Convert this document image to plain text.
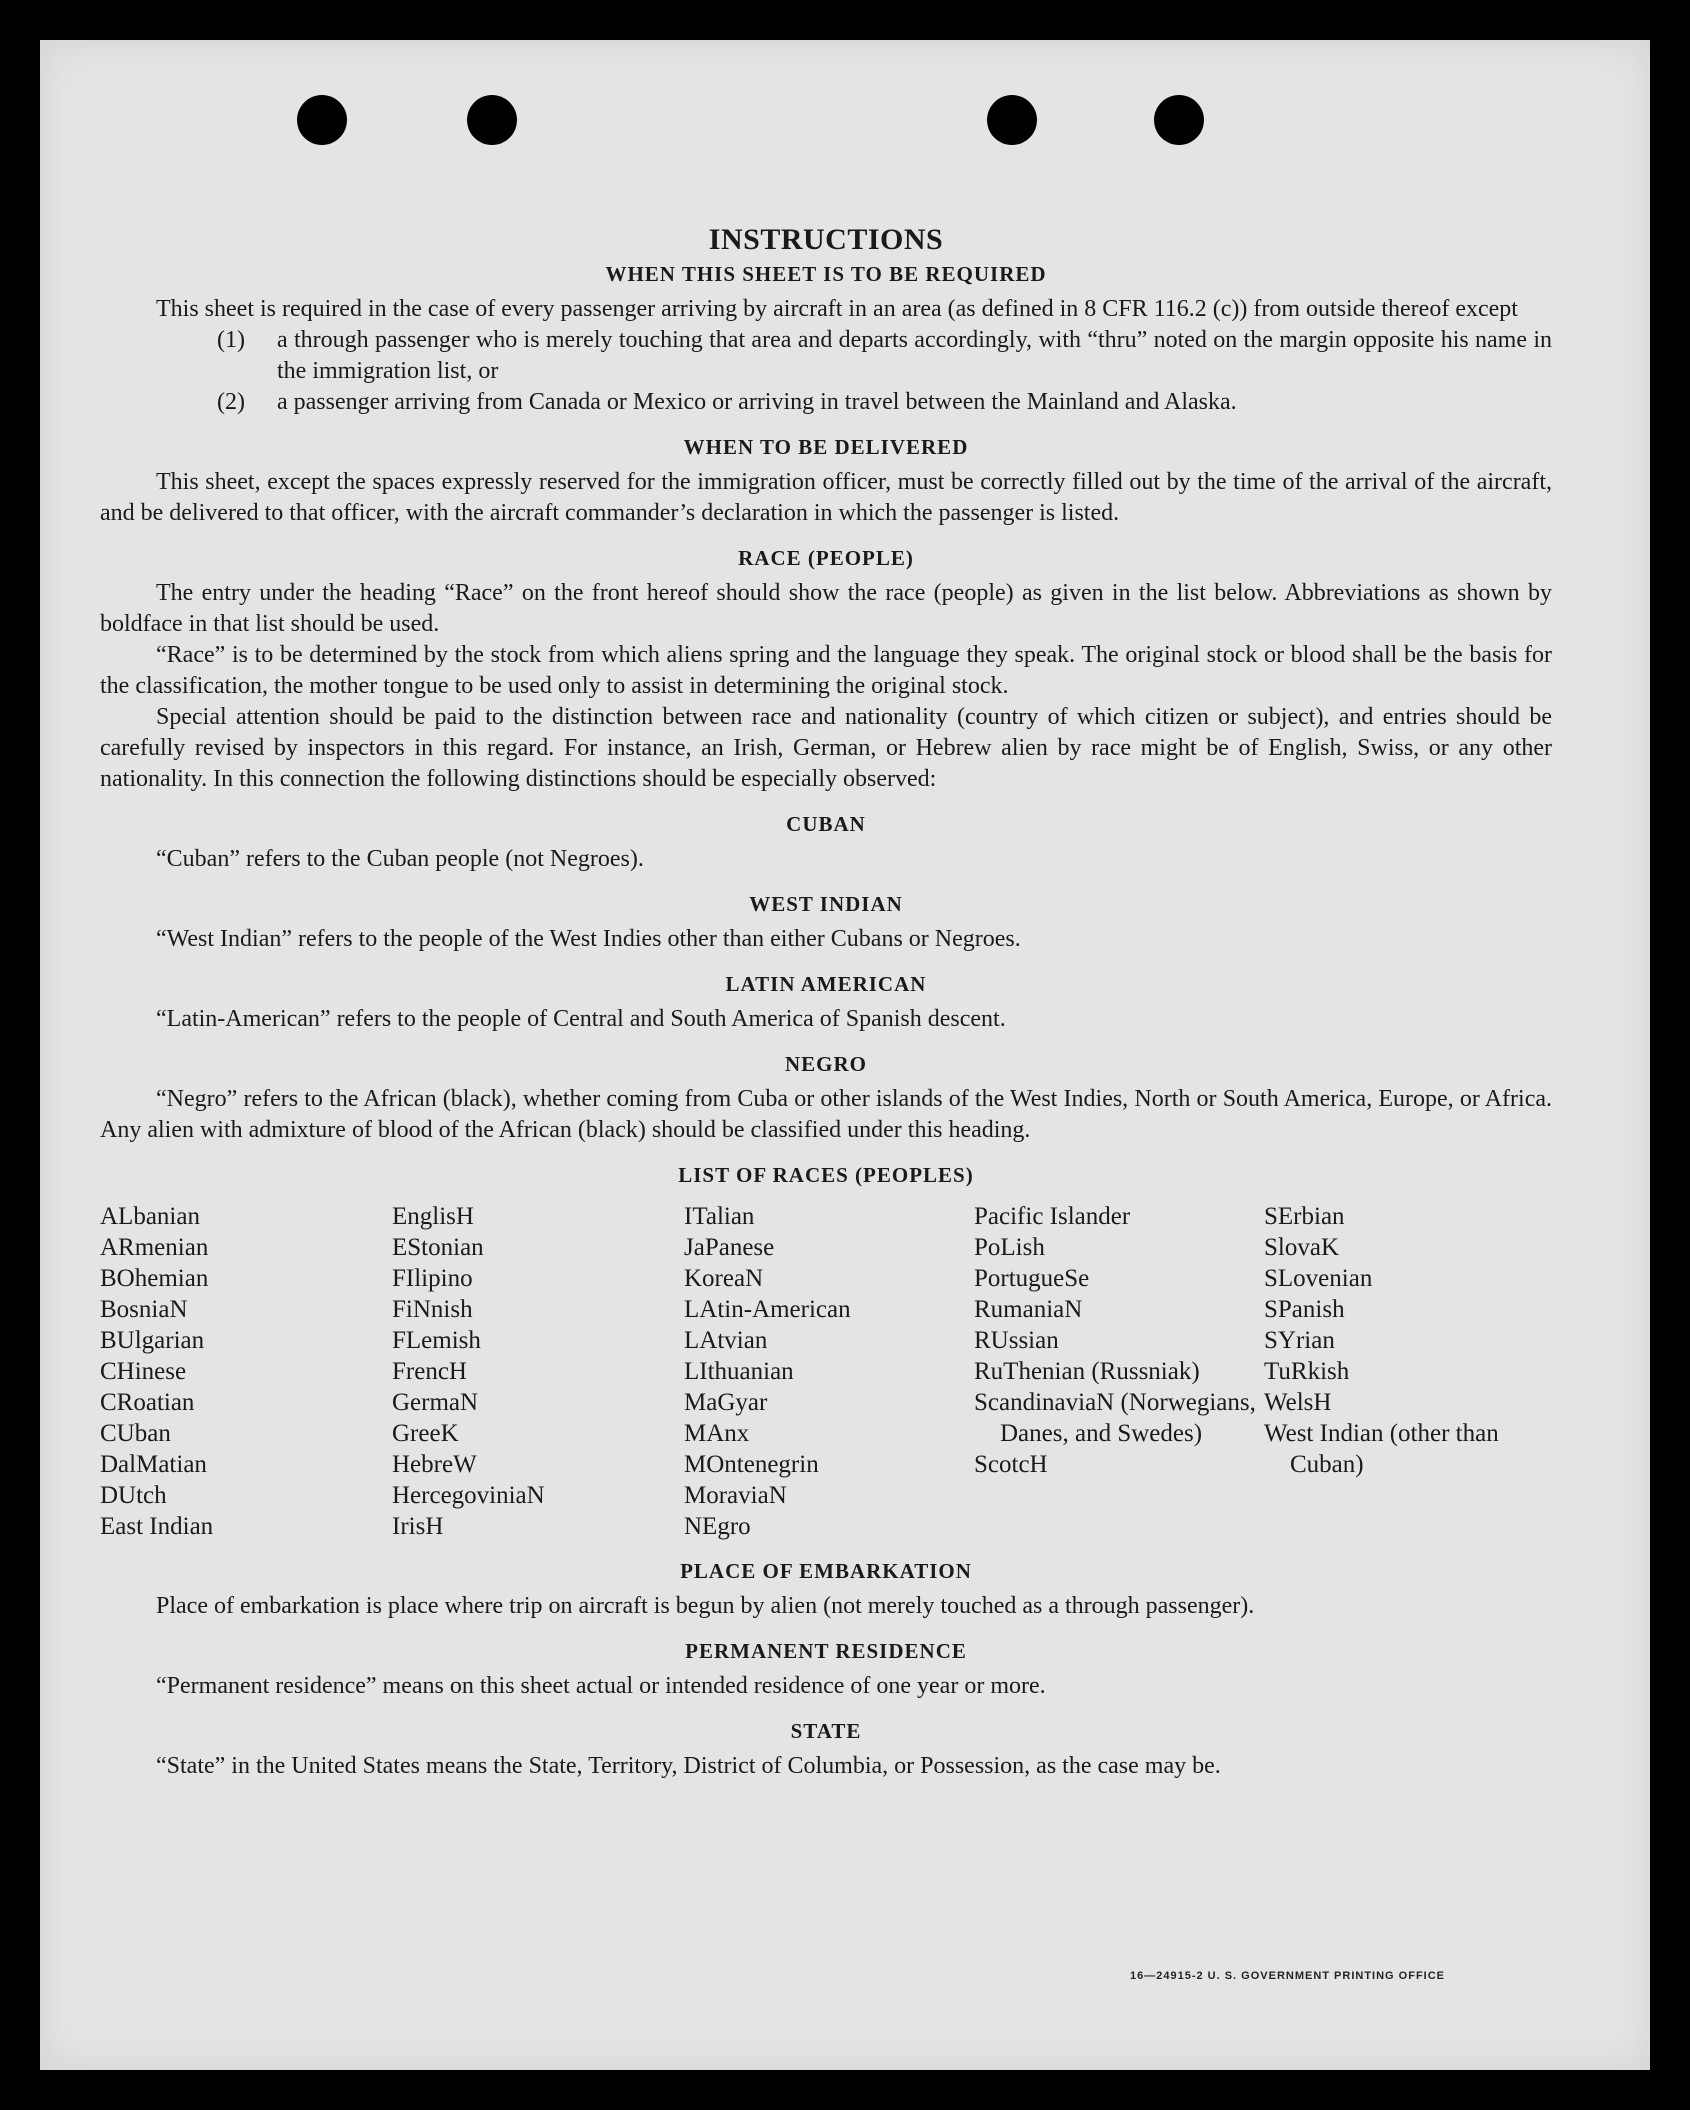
INSTRUCTIONS
WHEN THIS SHEET IS TO BE REQUIRED

This sheet is required in the case of every passenger arriving by aircraft in an area (as defined in 8 CFR 116.2 (c)) from outside thereof except

(1) a through passenger who is merely touching that area and departs accordingly, with “thru” noted on the margin opposite his name in the immigration list, or
(2) a passenger arriving from Canada or Mexico or arriving in travel between the Mainland and Alaska.
WHEN TO BE DELIVERED

This sheet, except the spaces expressly reserved for the immigration officer, must be correctly filled out by the time of the arrival of the aircraft, and be delivered to that officer, with the aircraft commander’s declaration in which the passenger is listed.

RACE (PEOPLE)

The entry under the heading “Race” on the front hereof should show the race (people) as given in the list below. Abbreviations as shown by boldface in that list should be used.

“Race” is to be determined by the stock from which aliens spring and the language they speak. The original stock or blood shall be the basis for the classification, the mother tongue to be used only to assist in determining the original stock.

Special attention should be paid to the distinction between race and nationality (country of which citizen or subject), and entries should be carefully revised by inspectors in this regard. For instance, an Irish, German, or Hebrew alien by race might be of English, Swiss, or any other nationality. In this connection the following distinctions should be especially observed:

CUBAN

“Cuban” refers to the Cuban people (not Negroes).

WEST INDIAN

“West Indian” refers to the people of the West Indies other than either Cubans or Negroes.

LATIN AMERICAN

“Latin-American” refers to the people of Central and South America of Spanish descent.

NEGRO

“Negro” refers to the African (black), whether coming from Cuba or other islands of the West Indies, North or South America, Europe, or Africa. Any alien with admixture of blood of the African (black) should be classified under this heading.

LIST OF RACES (PEOPLES)
ALbanian
ARmenian
BOhemian
BosniaN
BUlgarian
CHinese
CRoatian
CUban
DalMatian
DUtch
East Indian
EnglisH
EStonian
FIlipino
FiNnish
FLemish
FrencH
GermaN
GreeK
HebreW
HercegoviniaN
IrisH
ITalian
JaPanese
KoreaN
LAtin-American
LAtvian
LIthuanian
MaGyar
MAnx
MOntenegrin
MoraviaN
NEgro
Pacific Islander
PoLish
PortugueSe
RumaniaN
RUssian
RuThenian (Russniak)
ScandinaviaN (Norwegians, Danes, and Swedes)
ScotcH
SErbian
SlovaK
SLovenian
SPanish
SYrian
TuRkish
WelsH
West Indian (other than Cuban)
PLACE OF EMBARKATION

Place of embarkation is place where trip on aircraft is begun by alien (not merely touched as a through passenger).

PERMANENT RESIDENCE

“Permanent residence” means on this sheet actual or intended residence of one year or more.

STATE

“State” in the United States means the State, Territory, District of Columbia, or Possession, as the case may be.

16—24915-2 U. S. GOVERNMENT PRINTING OFFICE
